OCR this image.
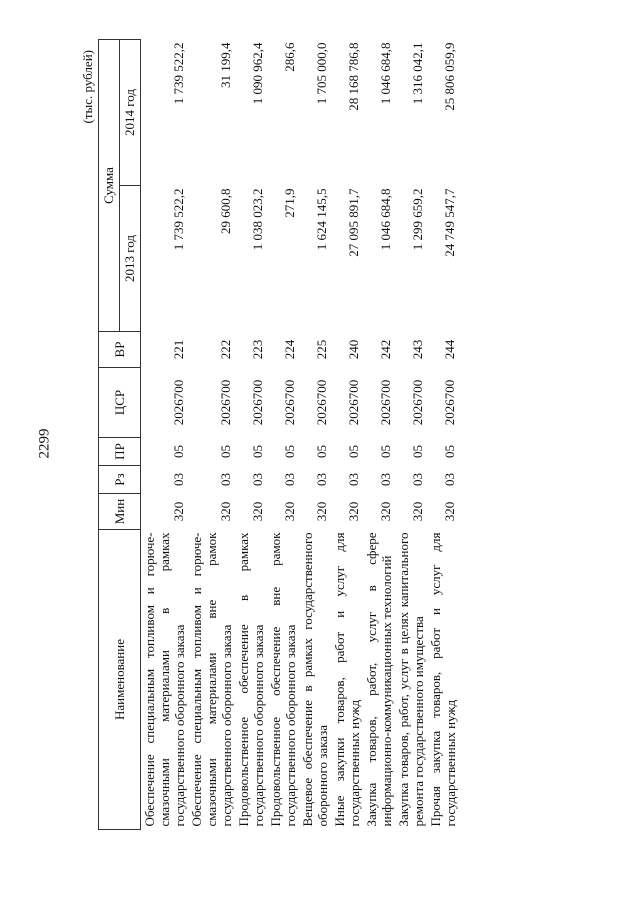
2299
(тыс. рублей)
Наименование	Мин	Рз	ПР	ЦСР	ВР	Сумма	
						2013 год	2014 год
Обеспечение специальным топливом и горюче-смазочными материалами в рамках государственного оборонного заказа	320	03	05	2026700	221	1 739 522,2	1 739 522,2
Обеспечение специальным топливом и горюче-смазочными материалами вне рамок государственного оборонного заказа	320	03	05	2026700	222	29 600,8	31 199,4
Продовольственное обеспечение в рамках государственного оборонного заказа	320	03	05	2026700	223	1 038 023,2	1 090 962,4
Продовольственное обеспечение вне рамок государственного оборонного заказа	320	03	05	2026700	224	271,9	286,6
Вещевое обеспечение в рамках государственного оборонного заказа	320	03	05	2026700	225	1 624 145,5	1 705 000,0
Иные закупки товаров, работ и услуг для государственных нужд	320	03	05	2026700	240	27 095 891,7	28 168 786,8
Закупка товаров, работ, услуг в сфере информационно-коммуникационных технологий	320	03	05	2026700	242	1 046 684,8	1 046 684,8
Закупка товаров, работ, услуг в целях капитального ремонта государственного имущества	320	03	05	2026700	243	1 299 659,2	1 316 042,1
Прочая закупка товаров, работ и услуг для государственных нужд	320	03	05	2026700	244	24 749 547,7	25 806 059,9
